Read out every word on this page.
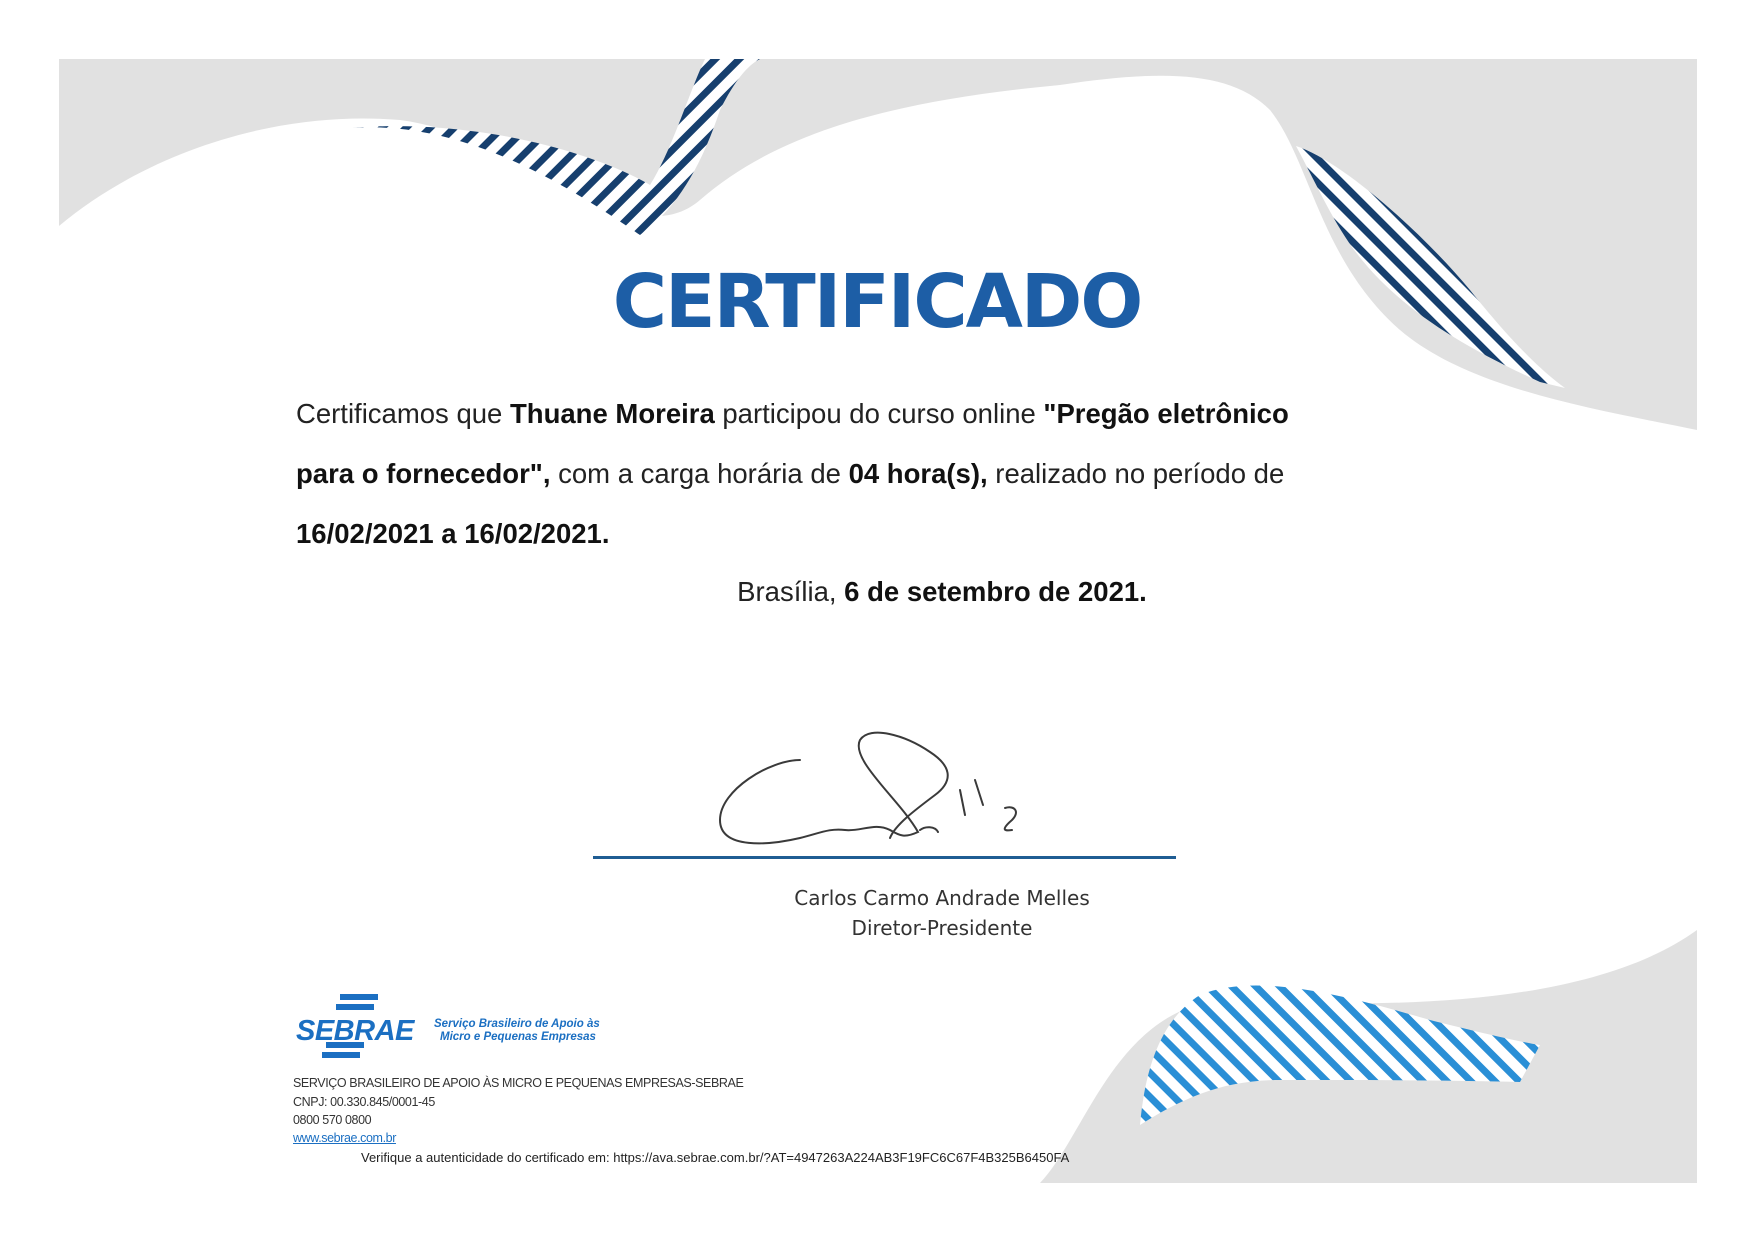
CERTIFICADO
Certificamos que Thuane Moreira participou do curso online "Pregão eletrônico
para o fornecedor", com a carga horária de 04 hora(s), realizado no período de
16/02/2021 a 16/02/2021.
Brasília, 6 de setembro de 2021.
Carlos Carmo Andrade Melles
Diretor-Presidente
SEBRAE Serviço Brasileiro de Apoio às
Micro e Pequenas Empresas
SERVIÇO BRASILEIRO DE APOIO ÀS MICRO E PEQUENAS EMPRESAS-SEBRAE
CNPJ: 00.330.845/0001-45
0800 570 0800
www.sebrae.com.br
Verifique a autenticidade do certificado em: https://ava.sebrae.com.br/?AT=4947263A224AB3F19FC6C67F4B325B6450FA
